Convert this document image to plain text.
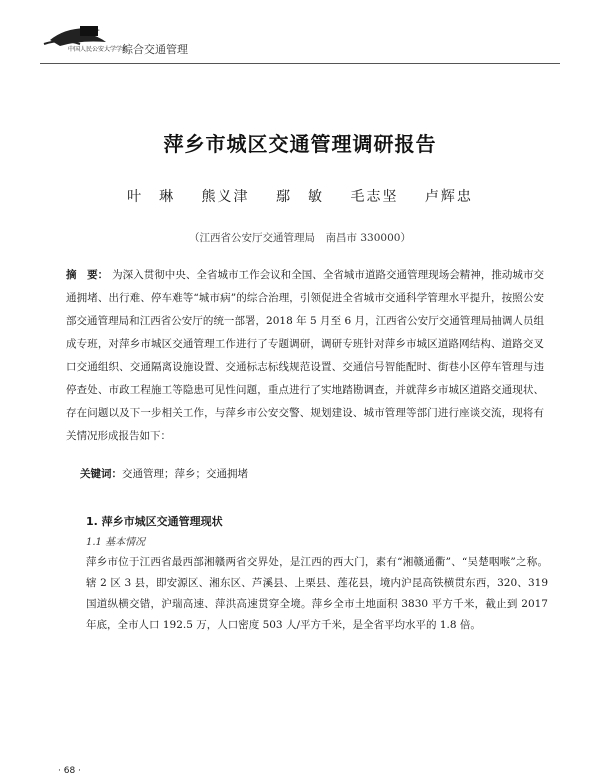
中国人民公安大学学报
综合交通管理
萍乡市城区交通管理调研报告
叶　琳 熊义津 鄢　敏 毛志坚 卢辉忠
（江西省公安厅交通管理局　南昌市 330000）
摘　要： 为深入贯彻中央、全省城市工作会议和全国、全省城市道路交通管理现场会精神，推动城市交通拥堵、出行难、停车难等“城市病”的综合治理，引领促进全省城市交通科学管理水平提升，按照公安部交通管理局和江西省公安厅的统一部署，2018 年 5 月至 6 月，江西省公安厅交通管理局抽调人员组成专班，对萍乡市城区交通管理工作进行了专题调研，调研专班针对萍乡市城区道路网结构、道路交叉口交通组织、交通隔离设施设置、交通标志标线规范设置、交通信号智能配时、街巷小区停车管理与违停查处、市政工程施工等隐患可见性问题，重点进行了实地踏勘调查，并就萍乡市城区道路交通现状、存在问题以及下一步相关工作，与萍乡市公安交警、规划建设、城市管理等部门进行座谈交流，现将有关情况形成报告如下：
关键词：交通管理；萍乡；交通拥堵
1. 萍乡市城区交通管理现状
1.1 基本情况
萍乡市位于江西省最西部湘赣两省交界处，是江西的西大门，素有“湘赣通衢”、“吴楚咽喉”之称。辖 2 区 3 县，即安源区、湘东区、芦溪县、上栗县、莲花县，境内沪昆高铁横贯东西，320、319 国道纵横交错，沪瑞高速、萍洪高速贯穿全境。萍乡全市土地面积 3830 平方千米，截止到 2017 年底，全市人口 192.5 万，人口密度 503 人/平方千米，是全省平均水平的 1.8 倍。
· 68 ·
